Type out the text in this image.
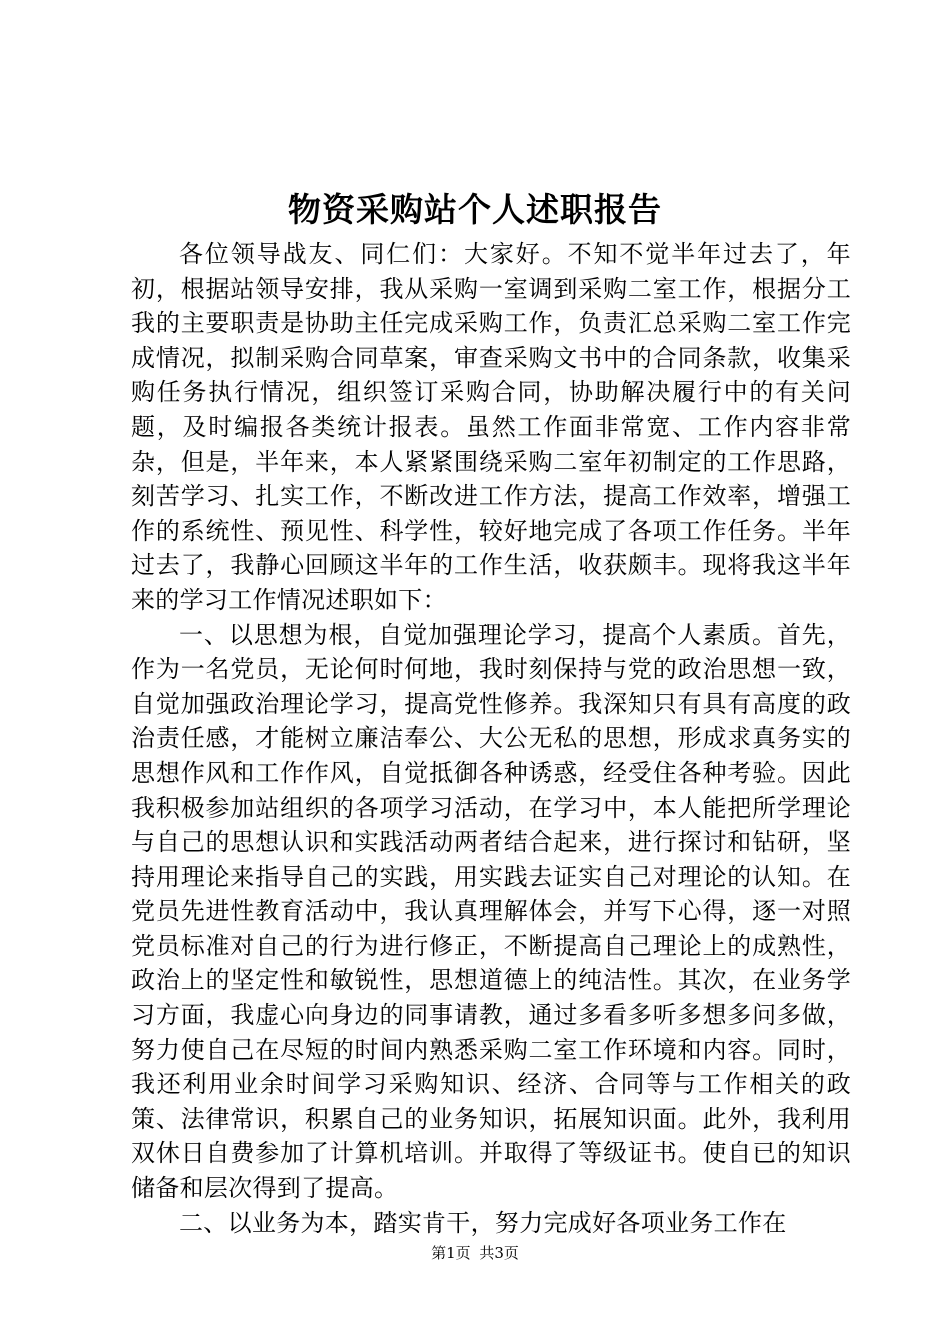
物资采购站个人述职报告

各位领导战友、同仁们：大家好。不知不觉半年过去了，年初，根据站领导安排，我从采购一室调到采购二室工作，根据分工我的主要职责是协助主任完成采购工作，负责汇总采购二室工作完成情况，拟制采购合同草案，审查采购文书中的合同条款，收集采购任务执行情况，组织签订采购合同，协助解决履行中的有关问题，及时编报各类统计报表。虽然工作面非常宽、工作内容非常杂，但是，半年来，本人紧紧围绕采购二室年初制定的工作思路，刻苦学习、扎实工作，不断改进工作方法，提高工作效率，增强工作的系统性、预见性、科学性，较好地完成了各项工作任务。半年过去了，我静心回顾这半年的工作生活，收获颇丰。现将我这半年来的学习工作情况述职如下：

一、以思想为根，自觉加强理论学习，提高个人素质。首先，作为一名党员，无论何时何地，我时刻保持与党的政治思想一致，自觉加强政治理论学习，提高党性修养。我深知只有具有高度的政治责任感，才能树立廉洁奉公、大公无私的思想，形成求真务实的思想作风和工作作风，自觉抵御各种诱惑，经受住各种考验。因此我积极参加站组织的各项学习活动，在学习中，本人能把所学理论与自己的思想认识和实践活动两者结合起来，进行探讨和钻研，坚持用理论来指导自己的实践，用实践去证实自己对理论的认知。在党员先进性教育活动中，我认真理解体会，并写下心得，逐一对照党员标准对自己的行为进行修正，不断提高自己理论上的成熟性，政治上的坚定性和敏锐性，思想道德上的纯洁性。其次，在业务学习方面，我虚心向身边的同事请教，通过多看多听多想多问多做，努力使自己在尽短的时间内熟悉采购二室工作环境和内容。同时，我还利用业余时间学习采购知识、经济、合同等与工作相关的政策、法律常识，积累自己的业务知识，拓展知识面。此外，我利用双休日自费参加了计算机培训。并取得了等级证书。使自已的知识储备和层次得到了提高。

二、以业务为本，踏实肯干，努力完成好各项业务工作在

第1页 共3页
